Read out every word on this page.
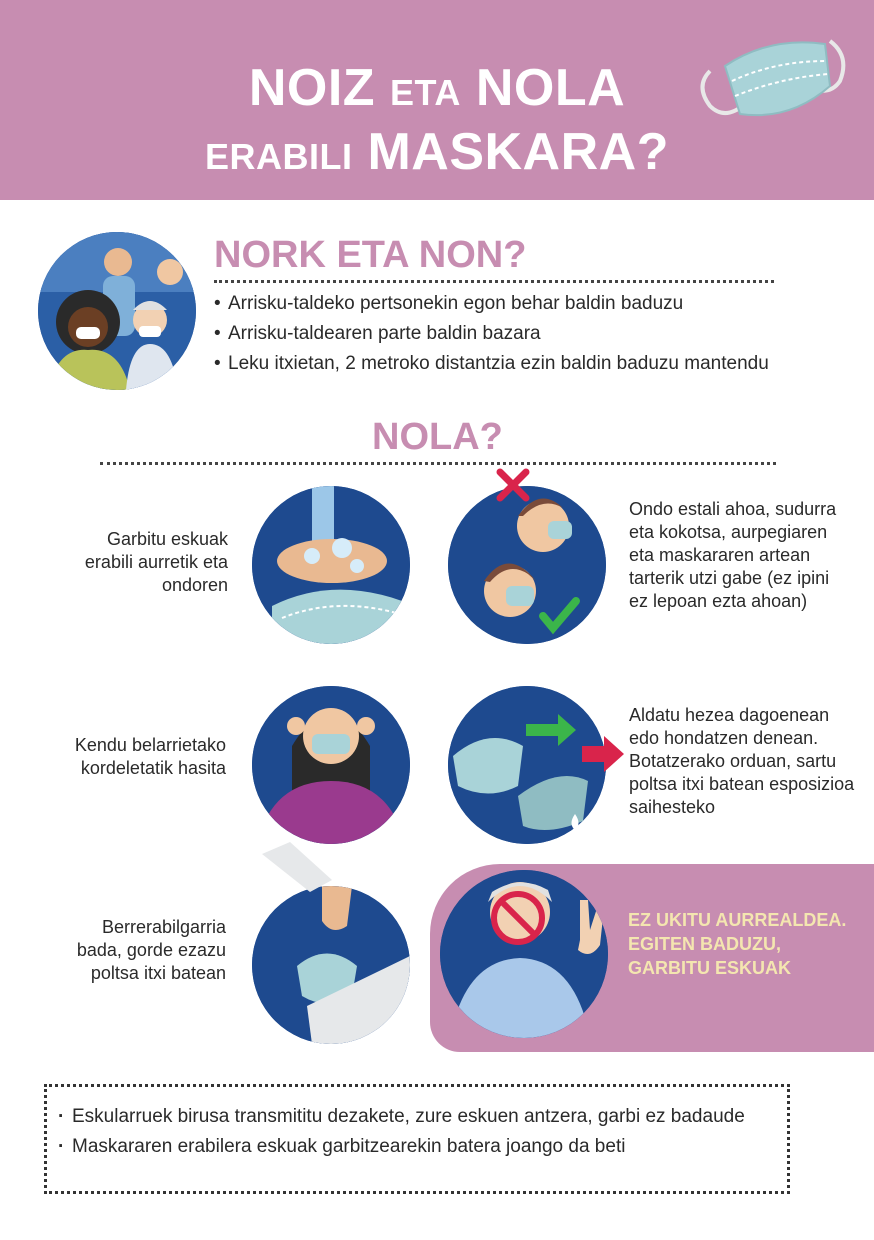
NOIZ ETA NOLA
ERABILI MASKARA?
NORK ETA NON?
• Arrisku-taldeko pertsonekin egon behar baldin baduzu
• Arrisku-taldearen parte baldin bazara
• Leku itxietan, 2 metroko distantzia ezin baldin baduzu mantendu
NOLA?
Garbitu eskuak erabili aurretik eta ondoren
Ondo estali ahoa, sudurra eta kokotsa, aurpegiaren eta maskararen artean tarterik utzi gabe (ez ipini ez lepoan ezta ahoan)
Kendu belarrietako kordeletatik hasita
Aldatu hezea dagoenean edo hondatzen denean. Botatzerako orduan, sartu poltsa itxi batean esposizioa saihesteko
Berrerabilgarria bada, gorde ezazu poltsa itxi batean
EZ UKITU AURREALDEA. EGITEN BADUZU, GARBITU ESKUAK
· Eskularruek birusa transmititu dezakete, zure eskuen antzera, garbi ez badaude
· Maskararen erabilera eskuak garbitzearekin batera joango da beti
